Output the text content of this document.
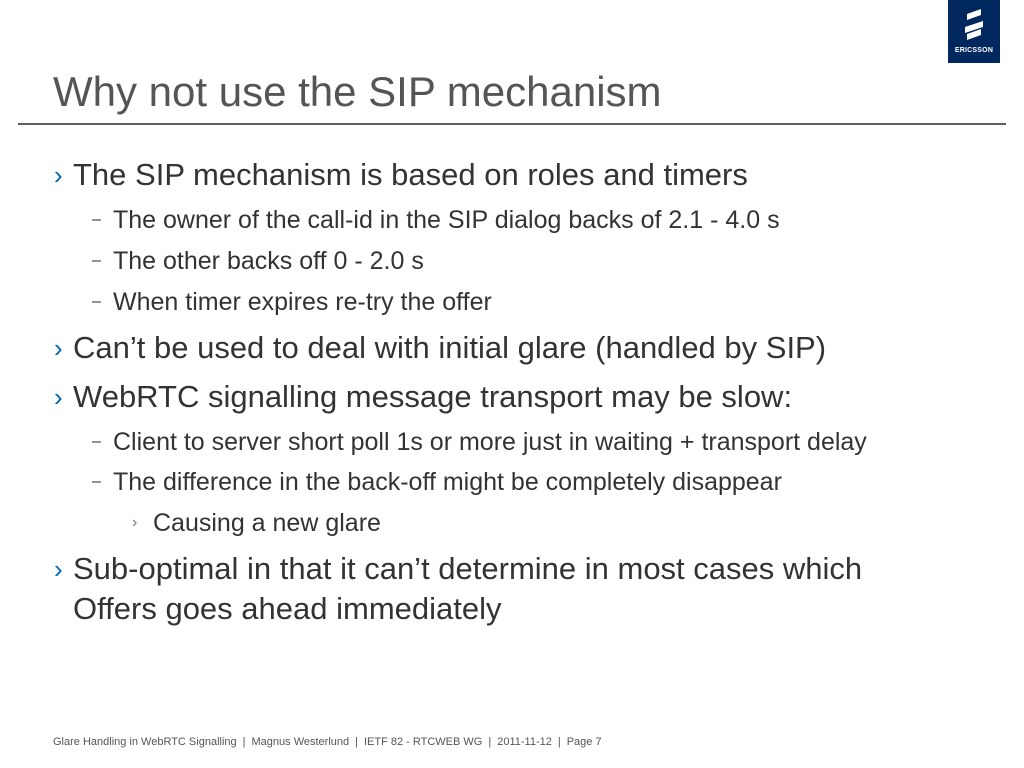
ERICSSON
Why not use the SIP mechanism
› The SIP mechanism is based on roles and timers
– The owner of the call-id in the SIP dialog backs of 2.1 - 4.0 s
– The other backs off 0 - 2.0 s
– When timer expires re-try the offer
› Can’t be used to deal with initial glare (handled by SIP)
› WebRTC signalling message transport may be slow:
– Client to server short poll 1s or more just in waiting + transport delay
– The difference in the back-off might be completely disappear
› Causing a new glare
› Sub-optimal in that it can’t determine in most cases which
Offers goes ahead immediately
Glare Handling in WebRTC Signalling | Magnus Westerlund | IETF 82 - RTCWEB WG | 2011-11-12 | Page 7
